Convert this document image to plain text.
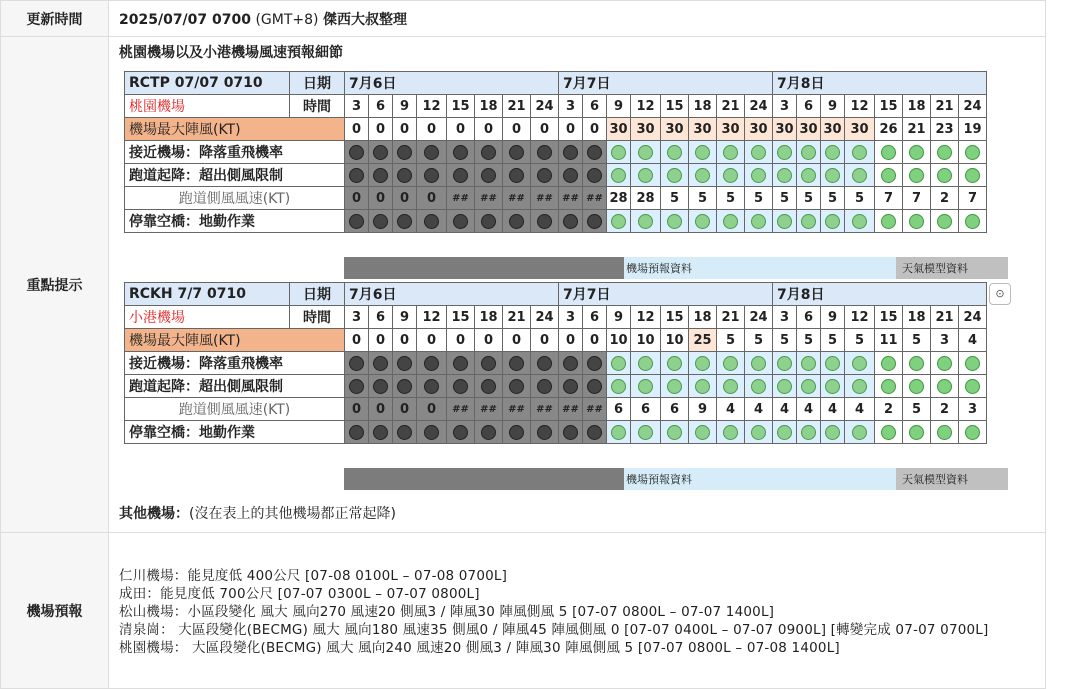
更新時間	2025/07/07 0700 (GMT+8) 傑西大叔整理
重點提示	
桃園機場以及小港機場風速預報細節
RCTP 07/07 0710	日期	7月6日	7月7日	7月8日
桃園機場	時間	3	6	9	12	15	18	21	24	3	6	9	12	15	18	21	24	3	6	9	12	15	18	21	24
機場最大陣風(KT)	0	0	0	0	0	0	0	0	0	0	30	30	30	30	30	30	30	30	30	30	26	21	23	19
接近機場：降落重飛機率																								
跑道起降：超出側風限制																								
跑道側風風速(KT)	0	0	0	0	##	##	##	##	##	##	28	28	5	5	5	5	5	5	5	5	7	7	2	7
停靠空橋：地勤作業																								
機場預報資料	天氣模型資料
RCKH 7/7 0710	日期	7月6日	7月7日	7月8日
小港機場	時間	3	6	9	12	15	18	21	24	3	6	9	12	15	18	21	24	3	6	9	12	15	18	21	24
機場最大陣風(KT)	0	0	0	0	0	0	0	0	0	0	10	10	10	25	5	5	5	5	5	5	11	5	3	4
接近機場：降落重飛機率																								
跑道起降：超出側風限制																								
跑道側風風速(KT)	0	0	0	0	##	##	##	##	##	##	6	6	6	9	4	4	4	4	4	4	2	5	2	3
停靠空橋：地勤作業																								
機場預報資料	天氣模型資料
⊙
其他機場：(沒在表上的其他機場都正常起降)

機場預報	仁川機場：能見度低 400公尺 [07-08 0100L – 07-08 0700L]
成田：能見度低 700公尺 [07-07 0300L – 07-07 0800L]
松山機場：小區段變化 風大 風向270 風速20 側風3 / 陣風30 陣風側風 5 [07-07 0800L – 07-07 1400L]
清泉崗： 大區段變化(BECMG) 風大 風向180 風速35 側風0 / 陣風45 陣風側風 0 [07-07 0400L – 07-07 0900L] [轉變完成 07-07 0700L]
桃園機場： 大區段變化(BECMG) 風大 風向240 風速20 側風3 / 陣風30 陣風側風 5 [07-07 0800L – 07-08 1400L]
